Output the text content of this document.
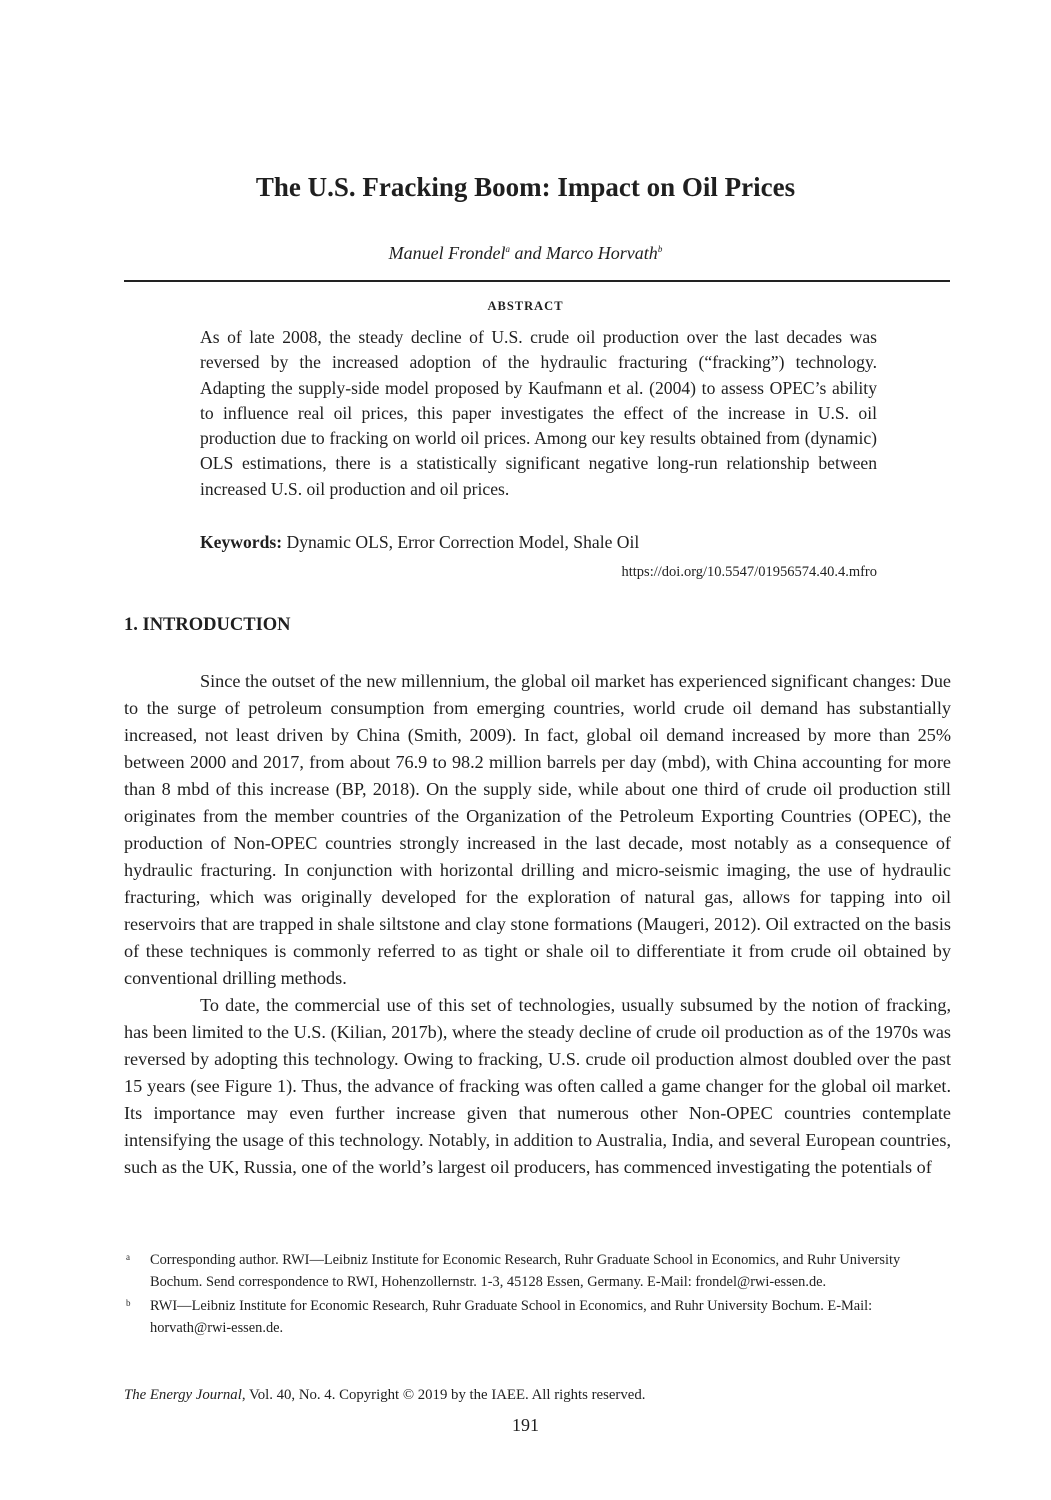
The U.S. Fracking Boom: Impact on Oil Prices
Manuel Frondel$^a$ and Marco Horvath$^b$
ABSTRACT
As of late 2008, the steady decline of U.S. crude oil production over the last decades was reversed by the increased adoption of the hydraulic fracturing (“fracking”) technology. Adapting the supply-side model proposed by Kaufmann et al. (2004) to assess OPEC’s ability to influence real oil prices, this paper investigates the effect of the increase in U.S. oil production due to fracking on world oil prices. Among our key results obtained from (dynamic) OLS estimations, there is a statistically significant negative long-run relationship between increased U.S. oil production and oil prices.
Keywords: Dynamic OLS, Error Correction Model, Shale Oil
https://doi.org/10.5547/01956574.40.4.mfro
1. INTRODUCTION

Since the outset of the new millennium, the global oil market has experienced significant changes: Due to the surge of petroleum consumption from emerging countries, world crude oil demand has substantially increased, not least driven by China (Smith, 2009). In fact, global oil demand increased by more than 25% between 2000 and 2017, from about 76.9 to 98.2 million barrels per day (mbd), with China accounting for more than 8 mbd of this increase (BP, 2018). On the supply side, while about one third of crude oil production still originates from the member countries of the Organization of the Petroleum Exporting Countries (OPEC), the production of Non-OPEC countries strongly increased in the last decade, most notably as a consequence of hydraulic fracturing. In conjunction with horizontal drilling and micro-seismic imaging, the use of hydraulic fracturing, which was originally developed for the exploration of natural gas, allows for tapping into oil reservoirs that are trapped in shale siltstone and clay stone formations (Maugeri, 2012). Oil extracted on the basis of these techniques is commonly referred to as tight or shale oil to differentiate it from crude oil obtained by conventional drilling methods.

To date, the commercial use of this set of technologies, usually subsumed by the notion of fracking, has been limited to the U.S. (Kilian, 2017b), where the steady decline of crude oil production as of the 1970s was reversed by adopting this technology. Owing to fracking, U.S. crude oil production almost doubled over the past 15 years (see Figure 1). Thus, the advance of fracking was often called a game changer for the global oil market. Its importance may even further increase given that numerous other Non-OPEC countries contemplate intensifying the usage of this technology. Notably, in addition to Australia, India, and several European countries, such as the UK, Russia, one of the world’s largest oil producers, has commenced investigating the potentials of

a Corresponding author. RWI—Leibniz Institute for Economic Research, Ruhr Graduate School in Economics, and Ruhr University Bochum. Send correspondence to RWI, Hohenzollernstr. 1-3, 45128 Essen, Germany. E-Mail: frondel@rwi-essen.de.
b RWI—Leibniz Institute for Economic Research, Ruhr Graduate School in Economics, and Ruhr University Bochum. E-Mail: horvath@rwi-essen.de.
The Energy Journal, Vol. 40, No. 4. Copyright © 2019 by the IAEE. All rights reserved.
191
